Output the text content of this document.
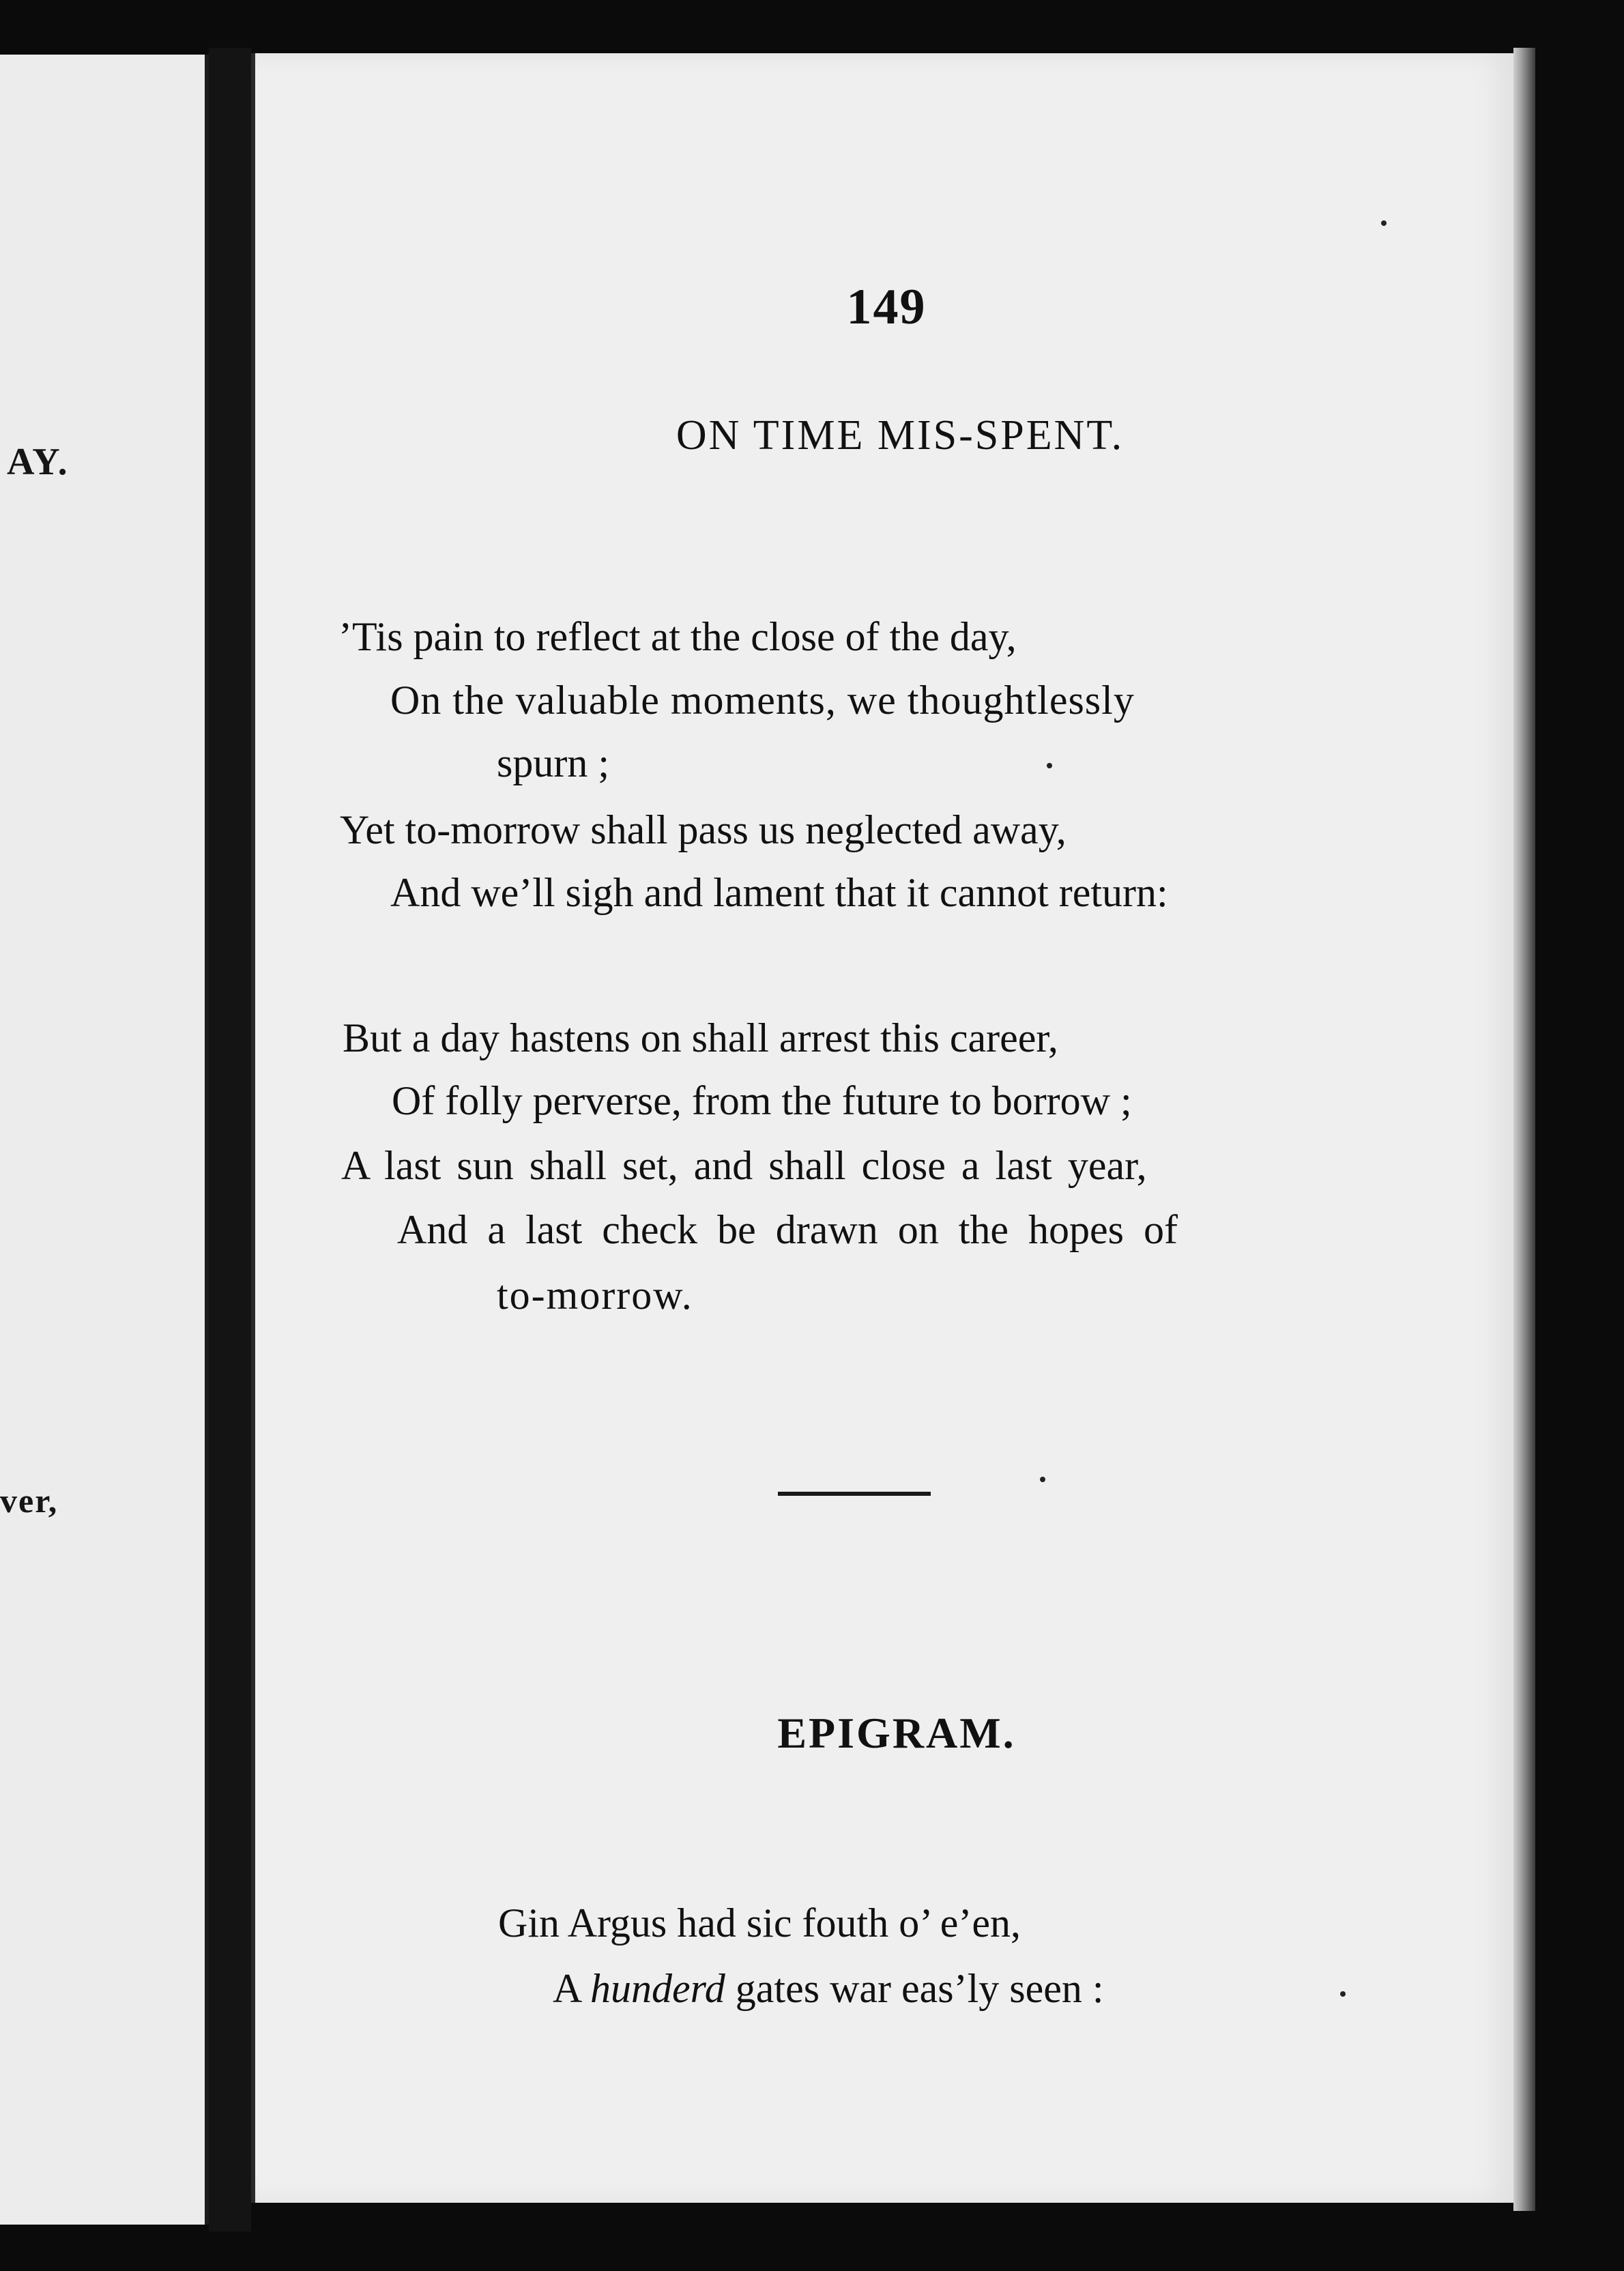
AY.
ver,
149
ON TIME MIS-SPENT.
’Tis pain to reflect at the close of the day,
On the valuable moments, we thoughtlessly
spurn ;
Yet to-morrow shall pass us neglected away,
And we’ll sigh and lament that it cannot return:
But a day hastens on shall arrest this career,
Of folly perverse, from the future to borrow ;
A last sun shall set, and shall close a last year,
And a last check be drawn on the hopes of
to-morrow.
EPIGRAM.
Gin Argus had sic fouth o’ e’en,
A hunderd gates war eas’ly seen :
